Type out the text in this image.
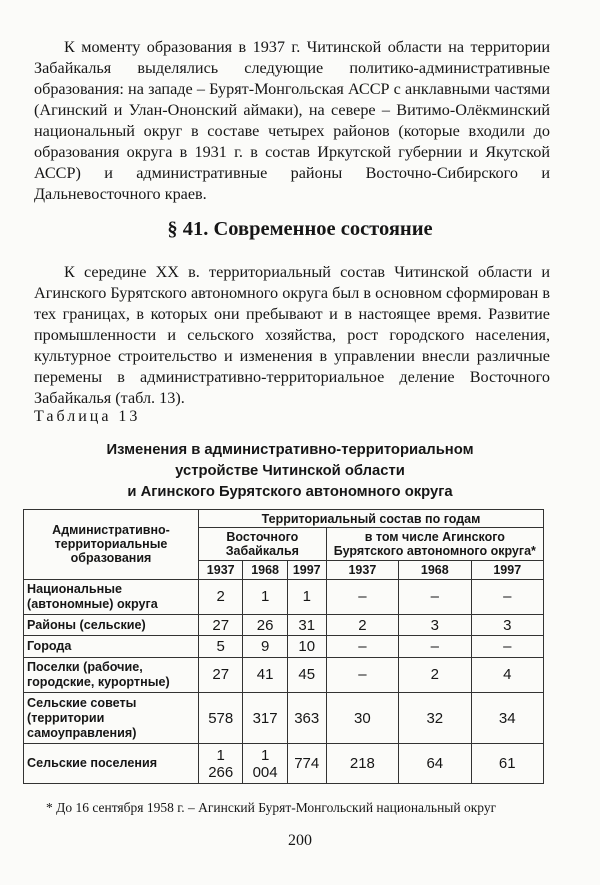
К моменту образования в 1937 г. Читинской области на территории Забайкалья выделялись следующие политико-административные образования: на западе – Бурят-Монгольская АССР с анклавными частями (Агинский и Улан-Ононский аймаки), на севере – Витимо-Олёкминский национальный округ в составе четырех районов (которые входили до образования округа в 1931 г. в состав Иркутской губернии и Якутской АССР) и административные районы Восточно-Сибирского и Дальневосточного краев.

§ 41. Современное состояние

К середине XX в. территориальный состав Читинской области и Агинского Бурятского автономного округа был в основном сформирован в тех границах, в которых они пребывают и в настоящее время. Развитие промышленности и сельского хозяйства, рост городского населения, культурное строительство и изменения в управлении внесли различные перемены в административно-территориальное деление Восточного Забайкалья (табл. 13).

Таблица 13

Изменения в административно-территориальном
устройстве Читинской области
и Агинского Бурятского автономного округа
Административно-территориальные образования	Территориальный состав по годам					
	Восточного Забайкалья			в том числе Агинского Бурятского автономного округа*		
	1937	1968	1997	1937	1968	1997
Национальные (автономные) округа	2	1	1	–	–	–
Районы (сельские)	27	26	31	2	3	3
Города	5	9	10	–	–	–
Поселки (рабочие, городские, курортные)	27	41	45	–	2	4
Сельские советы (территории самоуправления)	578	317	363	30	32	34
Сельские поселения	1 266	1 004	774	218	64	61

* До 16 сентября 1958 г. – Агинский Бурят-Монгольский национальный округ

200
